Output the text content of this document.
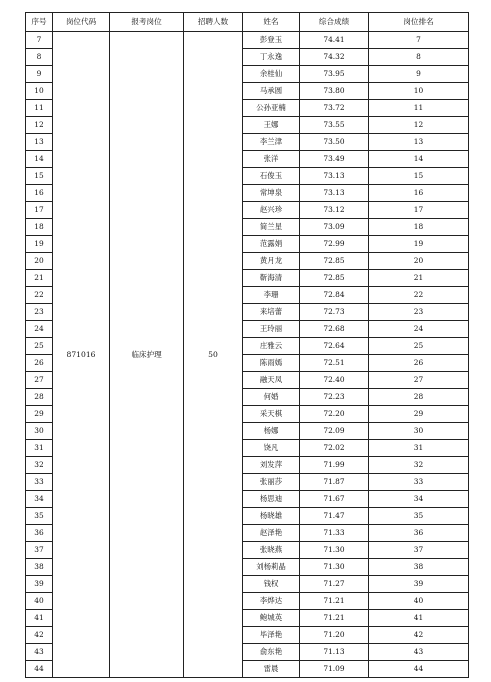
序号	岗位代码	报考岗位	招聘人数	姓名	综合成绩	岗位排名
7	871016	临床护理	50	彭登玉	74.41	7
8				丁永逸	74.32	8
9				余桂仙	73.95	9
10				马承圆	73.80	10
11				公孙亚楠	73.72	11
12				王娜	73.55	12
13				李兰津	73.50	13
14				张洋	73.49	14
15				石俊玉	73.13	15
16				常坤泉	73.13	16
17				赵兴珍	73.12	17
18				简兰星	73.09	18
19				范露娟	72.99	19
20				黄月龙	72.85	20
21				靳海清	72.85	21
22				李珊	72.84	22
23				来培蕾	72.73	23
24				王玲丽	72.68	24
25				庄雅云	72.64	25
26				陈雨嫣	72.51	26
27				融天凤	72.40	27
28				何婚	72.23	28
29				采天棋	72.20	29
30				杨娜	72.09	30
31				饶凡	72.02	31
32				刘发萍	71.99	32
33				张丽莎	71.87	33
34				杨思迪	71.67	34
35				杨晓雄	71.47	35
36				赵泽艳	71.33	36
37				张晓燕	71.30	37
38				刘杨莉晶	71.30	38
39				钱权	71.27	39
40				李烨达	71.21	40
41				鲍城英	71.21	41
42				毕泽艳	71.20	42
43				俞东艳	71.13	43
44				雷晨	71.09	44
